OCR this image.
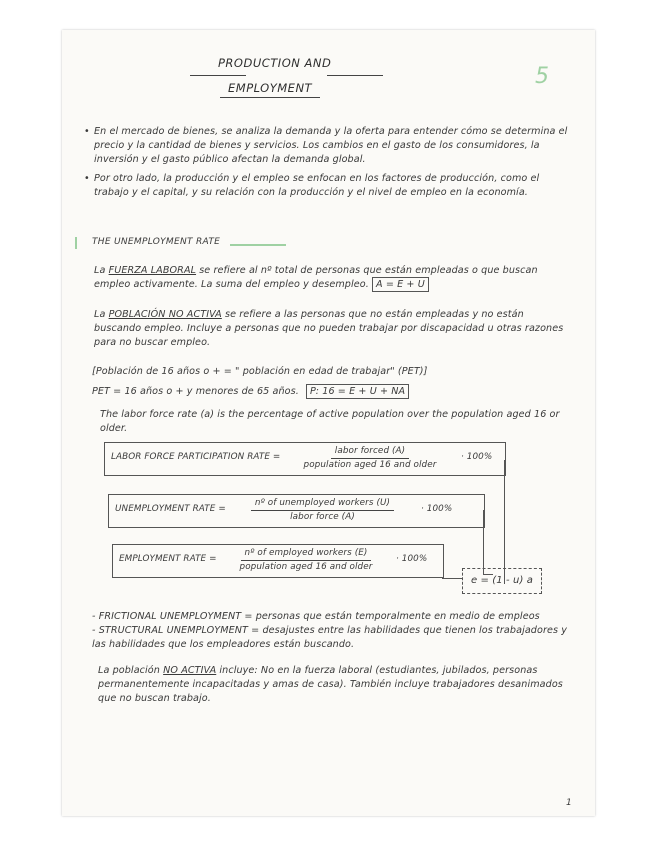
PRODUCTION AND
EMPLOYMENT	5
• En el mercado de bienes, se analiza la demanda y la oferta para entender cómo se determina el precio y la cantidad de bienes y servicios. Los cambios en el gasto de los consumidores, la inversión y el gasto público afectan la demanda global.
• Por otro lado, la producción y el empleo se enfocan en los factores de producción, como el trabajo y el capital, y su relación con la producción y el nivel de empleo en la economía.
THE UNEMPLOYMENT RATE
La FUERZA LABORAL se refiere al nº total de personas que están empleadas o que buscan empleo activamente. La suma del empleo y desempleo. A = E + U
La POBLACIÓN NO ACTIVA se refiere a las personas que no están empleadas y no están buscando empleo. Incluye a personas que no pueden trabajar por discapacidad u otras razones para no buscar empleo.
[Población de 16 años o + = " población en edad de trabajar" (PET)]
PET = 16 años o + y menores de 65 años. P: 16 = E + U + NA
The labor force rate (a) is the percentage of active population over the population aged 16 or older.
LABOR FORCE PARTICIPATION RATE =
labor forced (A)
population aged 16 and older
· 100%
UNEMPLOYMENT RATE =
nº of unemployed workers (U)
labor force (A)
· 100%
EMPLOYMENT RATE =
nº of employed workers (E)
population aged 16 and older
· 100%
e = (1 - u) a
- FRICTIONAL UNEMPLOYMENT = personas que están temporalmente en medio de empleos
- STRUCTURAL UNEMPLOYMENT = desajustes entre las habilidades que tienen los trabajadores y las habilidades que los empleadores están buscando.
La población NO ACTIVA incluye: No en la fuerza laboral (estudiantes, jubilados, personas permanentemente incapacitadas y amas de casa). También incluye trabajadores desanimados que no buscan trabajo.
1
